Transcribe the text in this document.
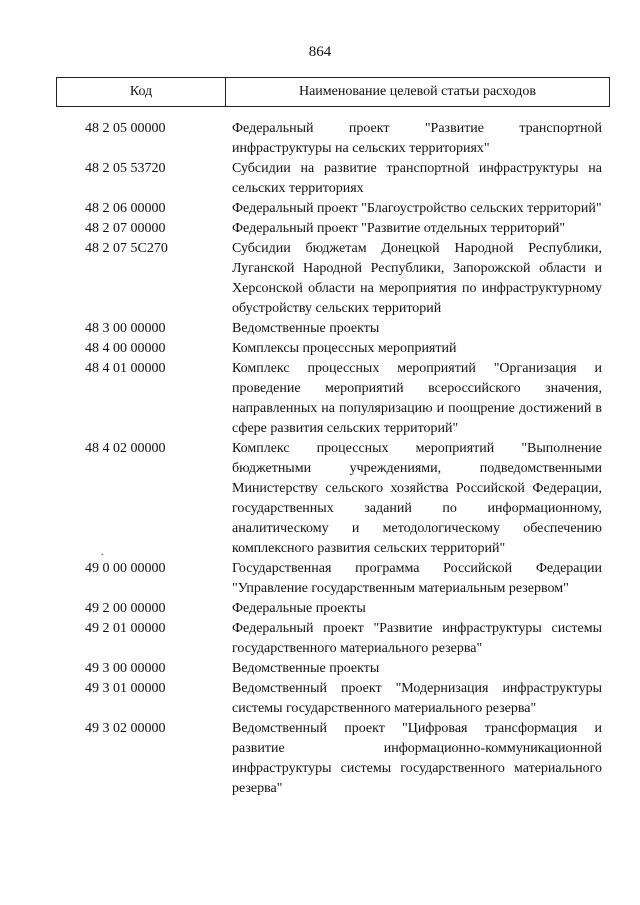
864
Код	Наименование целевой статьи расходов
48 2 05 00000	Федеральный проект "Развитие транспортной инфраструктуры на сельских территориях"
48 2 05 53720	Субсидии на развитие транспортной инфраструктуры на сельских территориях
48 2 06 00000	Федеральный проект "Благоустройство сельских территорий"
48 2 07 00000	Федеральный проект "Развитие отдельных территорий"
48 2 07 5C270	Субсидии бюджетам Донецкой Народной Республики, Луганской Народной Республики, Запорожской области и Херсонской области на мероприятия по инфраструктурному обустройству сельских территорий
48 3 00 00000	Ведомственные проекты
48 4 00 00000	Комплексы процессных мероприятий
48 4 01 00000	Комплекс процессных мероприятий "Организация и проведение мероприятий всероссийского значения, направленных на популяризацию и поощрение достижений в сфере развития сельских территорий"
48 4 02 00000	Комплекс процессных мероприятий "Выполнение бюджетными учреждениями, подведомственными Министерству сельского хозяйства Российской Федерации, государственных заданий по информационному, аналитическому и методологическому обеспечению комплексного развития сельских территорий"
49 0 00 00000	Государственная программа Российской Федерации "Управление государственным материальным резервом"
49 2 00 00000	Федеральные проекты
49 2 01 00000	Федеральный проект "Развитие инфраструктуры системы государственного материального резерва"
49 3 00 00000	Ведомственные проекты
49 3 01 00000	Ведомственный проект "Модернизация инфраструктуры системы государственного материального резерва"
49 3 02 00000	Ведомственный проект "Цифровая трансформация и развитие информационно-коммуникационной инфраструктуры системы государственного материального резерва"
.
